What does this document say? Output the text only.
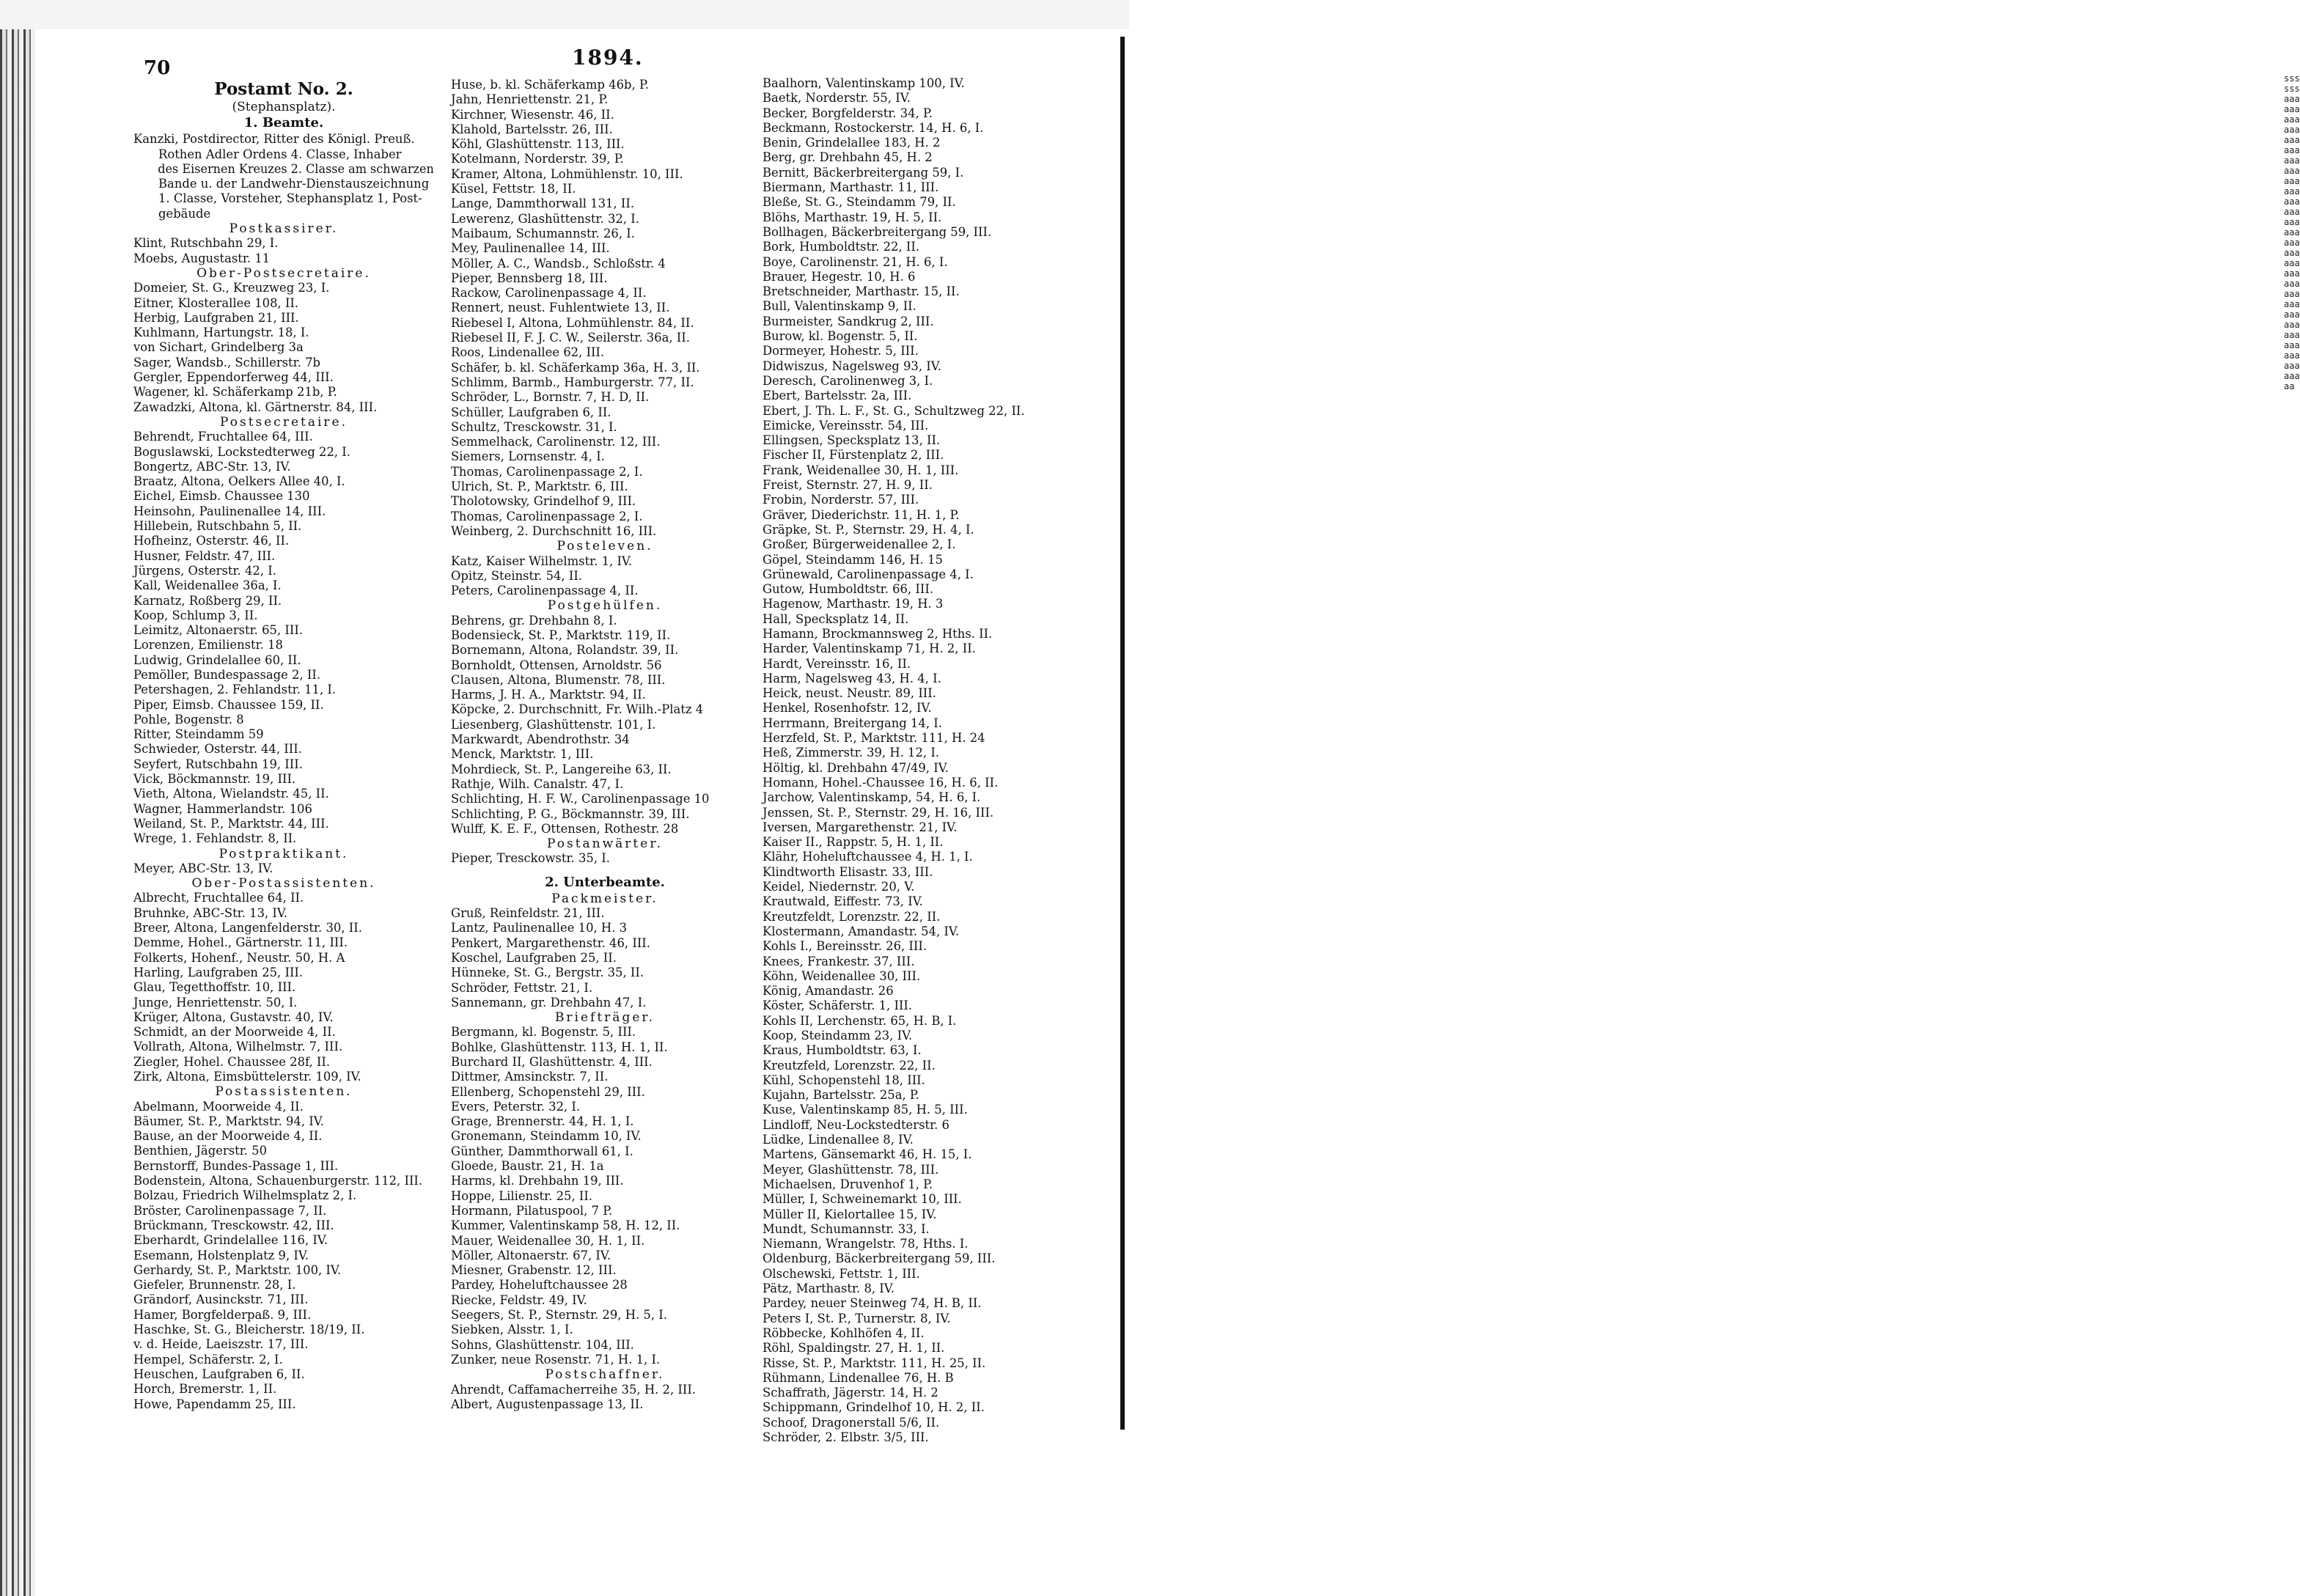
ssssssaaaaaaaaaaaaaaaaaaaaaaaaaaaaaaaaaaaaaaaaaaaaaaaaaaaaaaaaaaaaaaaaaaaaaaaaaaaaaaaaaaaaaa
70	1894.
Postamt No. 2.
(Stephansplatz).
1. Beamte.
Kanzki, Postdirector, Ritter des Königl. Preuß.
Rothen Adler Ordens 4. Classe, Inhaber
des Eisernen Kreuzes 2. Classe am schwarzen
Bande u. der Landwehr-Dienstauszeichnung
1. Classe, Vorsteher, Stephansplatz 1, Post-
gebäude
Postkassirer.
Klint, Rutschbahn 29, I.
Moebs, Augustastr. 11
Ober-Postsecretaire.
Domeier, St. G., Kreuzweg 23, I.
Eitner, Klosterallee 108, II.
Herbig, Laufgraben 21, III.
Kuhlmann, Hartungstr. 18, I.
von Sichart, Grindelberg 3a
Sager, Wandsb., Schillerstr. 7b
Gergler, Eppendorferweg 44, III.
Wagener, kl. Schäferkamp 21b, P.
Zawadzki, Altona, kl. Gärtnerstr. 84, III.
Postsecretaire.
Behrendt, Fruchtallee 64, III.
Boguslawski, Lockstedterweg 22, I.
Bongertz, ABC-Str. 13, IV.
Braatz, Altona, Oelkers Allee 40, I.
Eichel, Eimsb. Chaussee 130
Heinsohn, Paulinenallee 14, III.
Hillebein, Rutschbahn 5, II.
Hofheinz, Osterstr. 46, II.
Husner, Feldstr. 47, III.
Jürgens, Osterstr. 42, I.
Kall, Weidenallee 36a, I.
Karnatz, Roßberg 29, II.
Koop, Schlump 3, II.
Leimitz, Altonaerstr. 65, III.
Lorenzen, Emilienstr. 18
Ludwig, Grindelallee 60, II.
Pemöller, Bundespassage 2, II.
Petershagen, 2. Fehlandstr. 11, I.
Piper, Eimsb. Chaussee 159, II.
Pohle, Bogenstr. 8
Ritter, Steindamm 59
Schwieder, Osterstr. 44, III.
Seyfert, Rutschbahn 19, III.
Vick, Böckmannstr. 19, III.
Vieth, Altona, Wielandstr. 45, II.
Wagner, Hammerlandstr. 106
Weiland, St. P., Marktstr. 44, III.
Wrege, 1. Fehlandstr. 8, II.
Postpraktikant.
Meyer, ABC-Str. 13, IV.
Ober-Postassistenten.
Albrecht, Fruchtallee 64, II.
Bruhnke, ABC-Str. 13, IV.
Breer, Altona, Langenfelderstr. 30, II.
Demme, Hohel., Gärtnerstr. 11, III.
Folkerts, Hohenf., Neustr. 50, H. A
Harling, Laufgraben 25, III.
Glau, Tegetthoffstr. 10, III.
Junge, Henriettenstr. 50, I.
Krüger, Altona, Gustavstr. 40, IV.
Schmidt, an der Moorweide 4, II.
Vollrath, Altona, Wilhelmstr. 7, III.
Ziegler, Hohel. Chaussee 28f, II.
Zirk, Altona, Eimsbüttelerstr. 109, IV.
Postassistenten.
Abelmann, Moorweide 4, II.
Bäumer, St. P., Marktstr. 94, IV.
Bause, an der Moorweide 4, II.
Benthien, Jägerstr. 50
Bernstorff, Bundes-Passage 1, III.
Bodenstein, Altona, Schauenburgerstr. 112, III.
Bolzau, Friedrich Wilhelmsplatz 2, I.
Bröster, Carolinenpassage 7, II.
Brückmann, Tresckowstr. 42, III.
Eberhardt, Grindelallee 116, IV.
Esemann, Holstenplatz 9, IV.
Gerhardy, St. P., Marktstr. 100, IV.
Giefeler, Brunnenstr. 28, I.
Grändorf, Ausinckstr. 71, III.
Hamer, Borgfelderpaß. 9, III.
Haschke, St. G., Bleicherstr. 18/19, II.
v. d. Heide, Laeiszstr. 17, III.
Hempel, Schäferstr. 2, I.
Heuschen, Laufgraben 6, II.
Horch, Bremerstr. 1, II.
Howe, Papendamm 25, III.
Huse, b. kl. Schäferkamp 46b, P.
Jahn, Henriettenstr. 21, P.
Kirchner, Wiesenstr. 46, II.
Klahold, Bartelsstr. 26, III.
Köhl, Glashüttenstr. 113, III.
Kotelmann, Norderstr. 39, P.
Kramer, Altona, Lohmühlenstr. 10, III.
Küsel, Fettstr. 18, II.
Lange, Dammthorwall 131, II.
Lewerenz, Glashüttenstr. 32, I.
Maibaum, Schumannstr. 26, I.
Mey, Paulinenallee 14, III.
Möller, A. C., Wandsb., Schloßstr. 4
Pieper, Bennsberg 18, III.
Rackow, Carolinenpassage 4, II.
Rennert, neust. Fuhlentwiete 13, II.
Riebesel I, Altona, Lohmühlenstr. 84, II.
Riebesel II, F. J. C. W., Seilerstr. 36a, II.
Roos, Lindenallee 62, III.
Schäfer, b. kl. Schäferkamp 36a, H. 3, II.
Schlimm, Barmb., Hamburgerstr. 77, II.
Schröder, L., Bornstr. 7, H. D, II.
Schüller, Laufgraben 6, II.
Schultz, Tresckowstr. 31, I.
Semmelhack, Carolinenstr. 12, III.
Siemers, Lornsenstr. 4, I.
Thomas, Carolinenpassage 2, I.
Ulrich, St. P., Marktstr. 6, III.
Tholotowsky, Grindelhof 9, III.
Thomas, Carolinenpassage 2, I.
Weinberg, 2. Durchschnitt 16, III.
Posteleven.
Katz, Kaiser Wilhelmstr. 1, IV.
Opitz, Steinstr. 54, II.
Peters, Carolinenpassage 4, II.
Postgehülfen.
Behrens, gr. Drehbahn 8, I.
Bodensieck, St. P., Marktstr. 119, II.
Bornemann, Altona, Rolandstr. 39, II.
Bornholdt, Ottensen, Arnoldstr. 56
Clausen, Altona, Blumenstr. 78, III.
Harms, J. H. A., Marktstr. 94, II.
Köpcke, 2. Durchschnitt, Fr. Wilh.-Platz 4
Liesenberg, Glashüttenstr. 101, I.
Markwardt, Abendrothstr. 34
Menck, Marktstr. 1, III.
Mohrdieck, St. P., Langereihe 63, II.
Rathje, Wilh. Canalstr. 47, I.
Schlichting, H. F. W., Carolinenpassage 10
Schlichting, P. G., Böckmannstr. 39, III.
Wulff, K. E. F., Ottensen, Rothestr. 28
Postanwärter.
Pieper, Tresckowstr. 35, I.
2. Unterbeamte.
Packmeister.
Gruß, Reinfeldstr. 21, III.
Lantz, Paulinenallee 10, H. 3
Penkert, Margarethenstr. 46, III.
Koschel, Laufgraben 25, II.
Hünneke, St. G., Bergstr. 35, II.
Schröder, Fettstr. 21, I.
Sannemann, gr. Drehbahn 47, I.
Briefträger.
Bergmann, kl. Bogenstr. 5, III.
Bohlke, Glashüttenstr. 113, H. 1, II.
Burchard II, Glashüttenstr. 4, III.
Dittmer, Amsinckstr. 7, II.
Ellenberg, Schopenstehl 29, III.
Evers, Peterstr. 32, I.
Grage, Brennerstr. 44, H. 1, I.
Gronemann, Steindamm 10, IV.
Günther, Dammthorwall 61, I.
Gloede, Baustr. 21, H. 1a
Harms, kl. Drehbahn 19, III.
Hoppe, Lilienstr. 25, II.
Hormann, Pilatuspool, 7 P.
Kummer, Valentinskamp 58, H. 12, II.
Mauer, Weidenallee 30, H. 1, II.
Möller, Altonaerstr. 67, IV.
Miesner, Grabenstr. 12, III.
Pardey, Hoheluftchaussee 28
Riecke, Feldstr. 49, IV.
Seegers, St. P., Sternstr. 29, H. 5, I.
Siebken, Alsstr. 1, I.
Sohns, Glashüttenstr. 104, III.
Zunker, neue Rosenstr. 71, H. 1, I.
Postschaffner.
Ahrendt, Caffamacherreihe 35, H. 2, III.
Albert, Augustenpassage 13, II.
Baalhorn, Valentinskamp 100, IV.
Baetk, Norderstr. 55, IV.
Becker, Borgfelderstr. 34, P.
Beckmann, Rostockerstr. 14, H. 6, I.
Benin, Grindelallee 183, H. 2
Berg, gr. Drehbahn 45, H. 2
Bernitt, Bäckerbreitergang 59, I.
Biermann, Marthastr. 11, III.
Bleße, St. G., Steindamm 79, II.
Blöhs, Marthastr. 19, H. 5, II.
Bollhagen, Bäckerbreitergang 59, III.
Bork, Humboldtstr. 22, II.
Boye, Carolinenstr. 21, H. 6, I.
Brauer, Hegestr. 10, H. 6
Bretschneider, Marthastr. 15, II.
Bull, Valentinskamp 9, II.
Burmeister, Sandkrug 2, III.
Burow, kl. Bogenstr. 5, II.
Dormeyer, Hohestr. 5, III.
Didwiszus, Nagelsweg 93, IV.
Deresch, Carolinenweg 3, I.
Ebert, Bartelsstr. 2a, III.
Ebert, J. Th. L. F., St. G., Schultzweg 22, II.
Eimicke, Vereinsstr. 54, III.
Ellingsen, Specksplatz 13, II.
Fischer II, Fürstenplatz 2, III.
Frank, Weidenallee 30, H. 1, III.
Freist, Sternstr. 27, H. 9, II.
Frobin, Norderstr. 57, III.
Gräver, Diederichstr. 11, H. 1, P.
Gräpke, St. P., Sternstr. 29, H. 4, I.
Großer, Bürgerweidenallee 2, I.
Göpel, Steindamm 146, H. 15
Grünewald, Carolinenpassage 4, I.
Gutow, Humboldtstr. 66, III.
Hagenow, Marthastr. 19, H. 3
Hall, Specksplatz 14, II.
Hamann, Brockmannsweg 2, Hths. II.
Harder, Valentinskamp 71, H. 2, II.
Hardt, Vereinsstr. 16, II.
Harm, Nagelsweg 43, H. 4, I.
Heick, neust. Neustr. 89, III.
Henkel, Rosenhofstr. 12, IV.
Herrmann, Breitergang 14, I.
Herzfeld, St. P., Marktstr. 111, H. 24
Heß, Zimmerstr. 39, H. 12, I.
Höltig, kl. Drehbahn 47/49, IV.
Homann, Hohel.-Chaussee 16, H. 6, II.
Jarchow, Valentinskamp, 54, H. 6, I.
Jenssen, St. P., Sternstr. 29, H. 16, III.
Iversen, Margarethenstr. 21, IV.
Kaiser II., Rappstr. 5, H. 1, II.
Klähr, Hoheluftchaussee 4, H. 1, I.
Klindtworth Elisastr. 33, III.
Keidel, Niedernstr. 20, V.
Krautwald, Eiffestr. 73, IV.
Kreutzfeldt, Lorenzstr. 22, II.
Klostermann, Amandastr. 54, IV.
Kohls I., Bereinsstr. 26, III.
Knees, Frankestr. 37, III.
Köhn, Weidenallee 30, III.
König, Amandastr. 26
Köster, Schäferstr. 1, III.
Kohls II, Lerchenstr. 65, H. B, I.
Koop, Steindamm 23, IV.
Kraus, Humboldtstr. 63, I.
Kreutzfeld, Lorenzstr. 22, II.
Kühl, Schopenstehl 18, III.
Kujahn, Bartelsstr. 25a, P.
Kuse, Valentinskamp 85, H. 5, III.
Lindloff, Neu-Lockstedterstr. 6
Lüdke, Lindenallee 8, IV.
Martens, Gänsemarkt 46, H. 15, I.
Meyer, Glashüttenstr. 78, III.
Michaelsen, Druvenhof 1, P.
Müller, I, Schweinemarkt 10, III.
Müller II, Kielortallee 15, IV.
Mundt, Schumannstr. 33, I.
Niemann, Wrangelstr. 78, Hths. I.
Oldenburg, Bäckerbreitergang 59, III.
Olschewski, Fettstr. 1, III.
Pätz, Marthastr. 8, IV.
Pardey, neuer Steinweg 74, H. B, II.
Peters I, St. P., Turnerstr. 8, IV.
Röbbecke, Kohlhöfen 4, II.
Röhl, Spaldingstr. 27, H. 1, II.
Risse, St. P., Marktstr. 111, H. 25, II.
Rühmann, Lindenallee 76, H. B
Schaffrath, Jägerstr. 14, H. 2
Schippmann, Grindelhof 10, H. 2, II.
Schoof, Dragonerstall 5/6, II.
Schröder, 2. Elbstr. 3/5, III.
